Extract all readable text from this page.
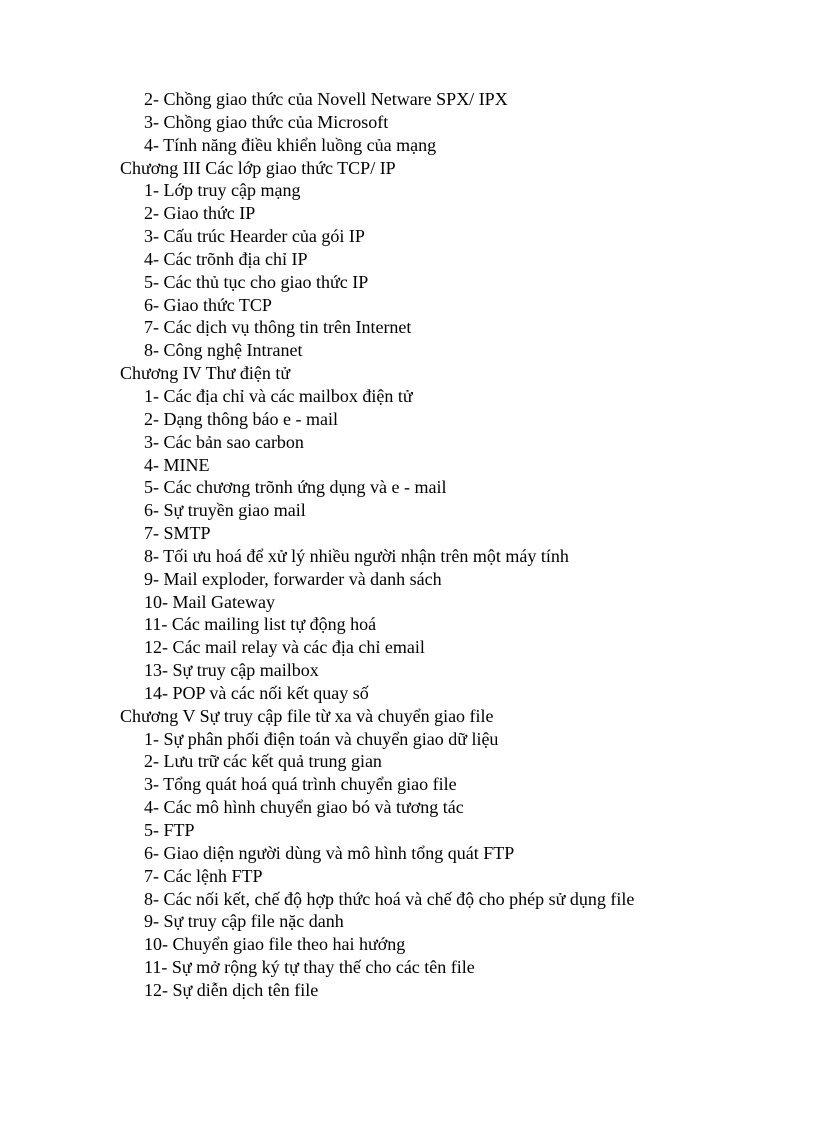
2- Chồng giao thức của Novell Netware SPX/ IPX
3- Chồng giao thức của Microsoft
4- Tính năng điều khiển luồng của mạng
Chương III Các lớp giao thức TCP/ IP
1- Lớp truy cập mạng
2- Giao thức IP
3- Cấu trúc Hearder của gói IP
4- Các trõnh địa chỉ IP
5- Các thủ tục cho giao thức IP
6- Giao thức TCP
7- Các dịch vụ thông tin trên Internet
8- Công nghệ Intranet
Chương IV Thư điện tử
1- Các địa chỉ và các mailbox điện tử
2- Dạng thông báo e - mail
3- Các bản sao carbon
4- MINE
5- Các chương trõnh ứng dụng và e - mail
6- Sự truyền giao mail
7- SMTP
8- Tối ưu hoá để xử lý nhiều người nhận trên một máy tính
9- Mail exploder, forwarder và danh sách
10- Mail Gateway
11- Các mailing list tự động hoá
12- Các mail relay và các địa chỉ email
13- Sự truy cập mailbox
14- POP và các nối kết quay số
Chương V Sự truy cập file từ xa và chuyển giao file
1- Sự phân phối điện toán và chuyển giao dữ liệu
2- Lưu trữ các kết quả trung gian
3- Tổng quát hoá quá trình chuyển giao file
4- Các mô hình chuyển giao bó và tương tác
5- FTP
6- Giao diện người dùng và mô hình tổng quát FTP
7- Các lệnh FTP
8- Các nối kết, chế độ hợp thức hoá và chế độ cho phép sử dụng file
9- Sự truy cập file nặc danh
10- Chuyển giao file theo hai hướng
11- Sự mở rộng ký tự thay thế cho các tên file
12- Sự diễn dịch tên file
